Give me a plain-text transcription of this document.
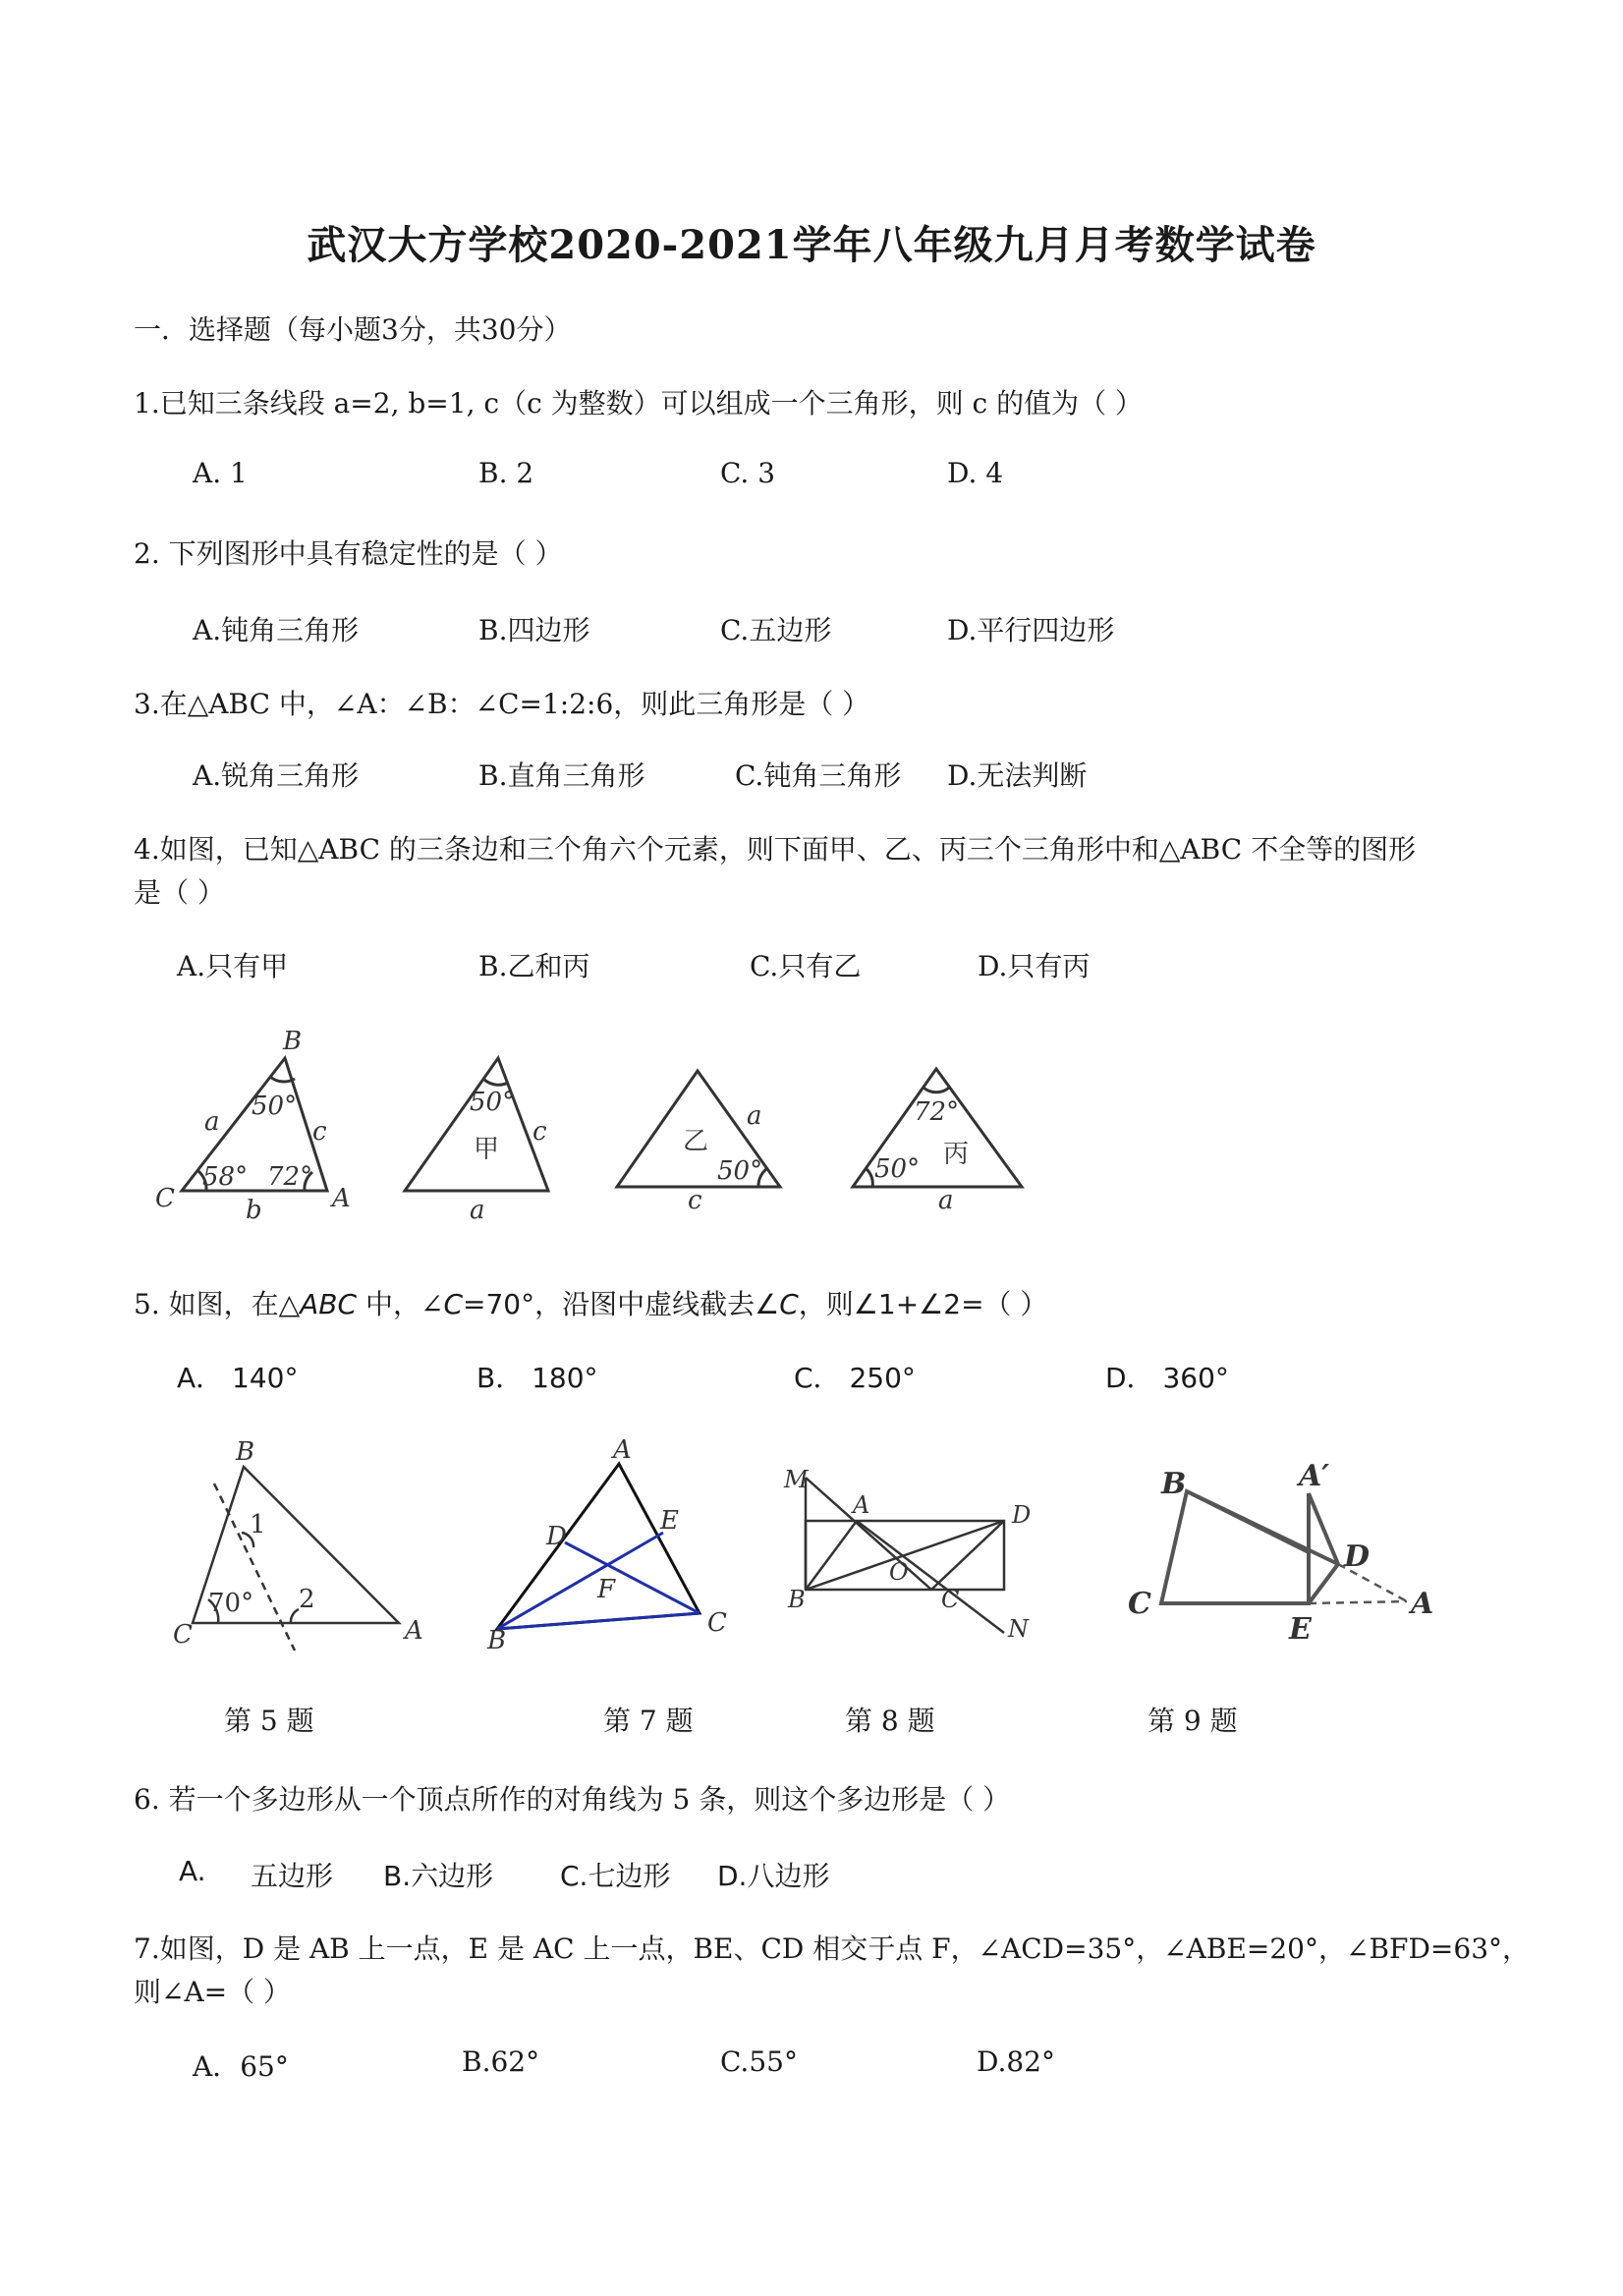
武汉大方学校2020-2021学年八年级九月月考数学试卷
一．选择题（每小题3分，共30分）
1.已知三条线段 a=2, b=1, c（c 为整数）可以组成一个三角形，则 c 的值为（ ）
A. 1	B. 2	C. 3	D. 4
2. 下列图形中具有稳定性的是（ ）
A.钝角三角形	B.四边形	C.五边形	D.平行四边形
3.在△ABC 中，∠A：∠B：∠C=1:2:6，则此三角形是（ ）
A.锐角三角形	B.直角三角形	C.钝角三角形 D.无法判断
4.如图，已知△ABC 的三条边和三个角六个元素，则下面甲、乙、丙三个三角形中和△ABC 不全等的图形
是（ ）
A.只有甲	B.乙和丙	C.只有乙	D.只有丙
B
A
C
a
b
c
50°
58° 72°
50°
甲
c
a
乙
a
50°
c
72°
丙
50°
a
5. 如图，在△ABC 中，∠C=70°，沿图中虚线截去∠C，则∠1+∠2=（ ）
A． 140°	B． 180°	C． 250°	D． 360°
B
C	A
1
2
70°
A
B
C
D
E
F
M
A	D
B
O
C
N
B	A′
D
C
E
A
第 5 题	第 7 题	第 8 题	第 9 题
6. 若一个多边形从一个顶点所作的对角线为 5 条，则这个多边形是（ ）
A. 五边形 B.六边形 C.七边形 D.八边形
7.如图，D 是 AB 上一点，E 是 AC 上一点，BE、CD 相交于点 F，∠ACD=35°，∠ABE=20°，∠BFD=63°，
则∠A=（ ）
A．65°	B.62°	C.55°	D.82°
